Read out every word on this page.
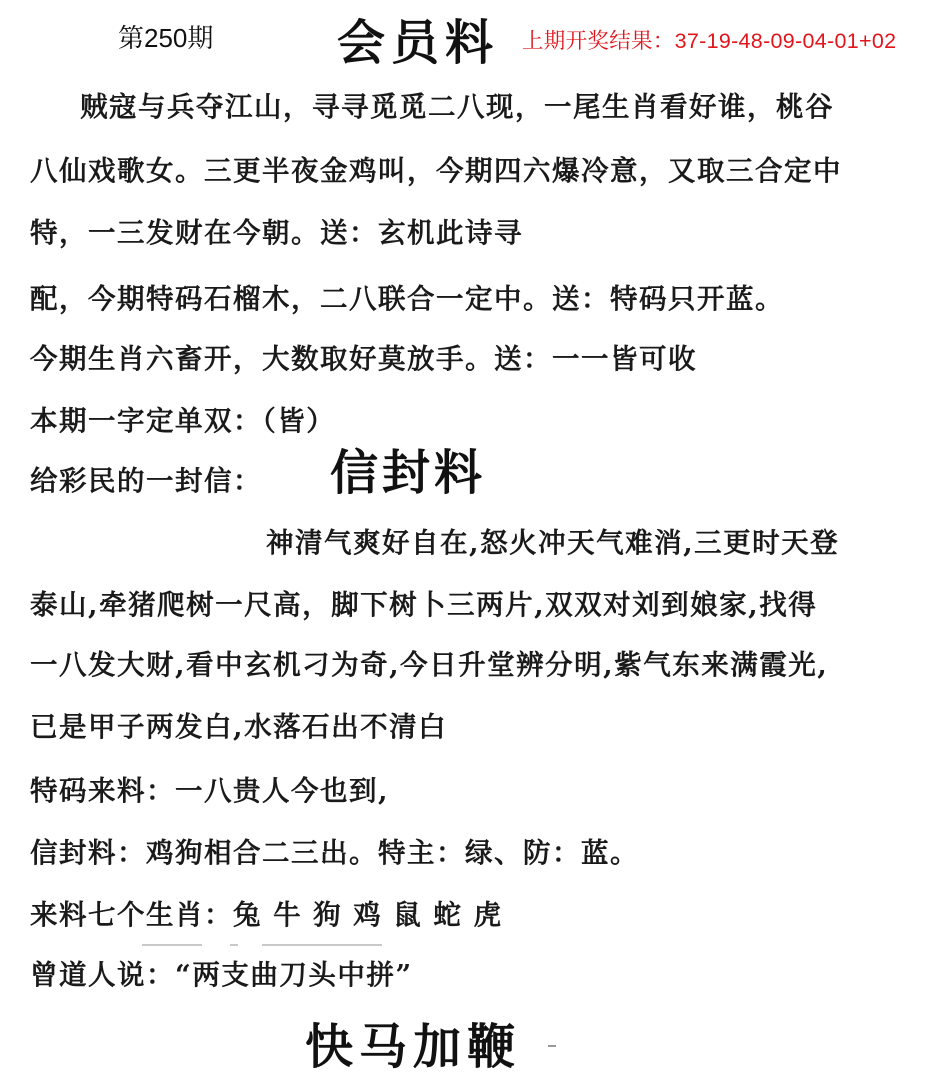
第250期	会员料 上期开奖结果：37-19-48-09-04-01+02
贼寇与兵夺江山，寻寻觅觅二八现，一尾生肖看好谁，桃谷
八仙戏歌女。三更半夜金鸡叫，今期四六爆冷意，又取三合定中
特，一三发财在今朝。送：玄机此诗寻
配，今期特码石榴木，二八联合一定中。送：特码只开蓝。
今期生肖六畜开，大数取好莫放手。送：一一皆可收
本期一字定单双：（皆）
给彩民的一封信： 信封料
神清气爽好自在,怒火冲天气难消,三更时天登
泰山,牵猪爬树一尺高，脚下树卜三两片,双双对刘到娘家,找得
一八发大财,看中玄机刁为奇,今日升堂辨分明,紫气东来满霞光,
已是甲子两发白,水落石出不清白
特码来料：一八贵人今也到,
信封料：鸡狗相合二三出。特主：绿、防：蓝。
来料七个生肖：兔 牛 狗 鸡 鼠 蛇 虎
曾道人说：“两支曲刀头中拼”
快马加鞭
